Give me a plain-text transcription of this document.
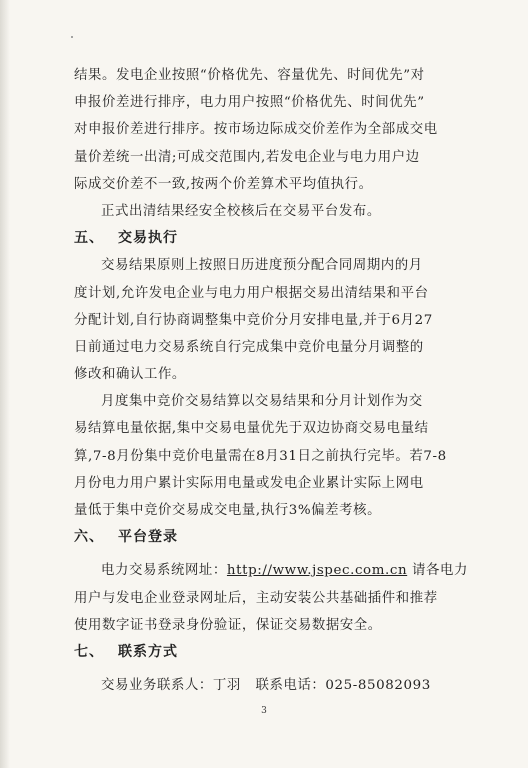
结果。发电企业按照“价格优先、容量优先、时间优先”对
申报价差进行排序，电力用户按照“价格优先、时间优先”
对申报价差进行排序。按市场边际成交价差作为全部成交电
量价差统一出清;可成交范围内,若发电企业与电力用户边
际成交价差不一致,按两个价差算术平均值执行。
正式出清结果经安全校核后在交易平台发布。
五、 交易执行
交易结果原则上按照日历进度预分配合同周期内的月
度计划,允许发电企业与电力用户根据交易出清结果和平台
分配计划,自行协商调整集中竞价分月安排电量,并于6月27
日前通过电力交易系统自行完成集中竞价电量分月调整的
修改和确认工作。
月度集中竞价交易结算以交易结果和分月计划作为交
易结算电量依据,集中交易电量优先于双边协商交易电量结
算,7-8月份集中竞价电量需在8月31日之前执行完毕。若7-8
月份电力用户累计实际用电量或发电企业累计实际上网电
量低于集中竞价交易成交电量,执行3%偏差考核。
六、 平台登录
电力交易系统网址：http://www.jspec.com.cn 请各电力
用户与发电企业登录网址后，主动安装公共基础插件和推荐
使用数字证书登录身份验证，保证交易数据安全。
七、 联系方式
交易业务联系人：丁羽   联系电话：025-85082093
3
